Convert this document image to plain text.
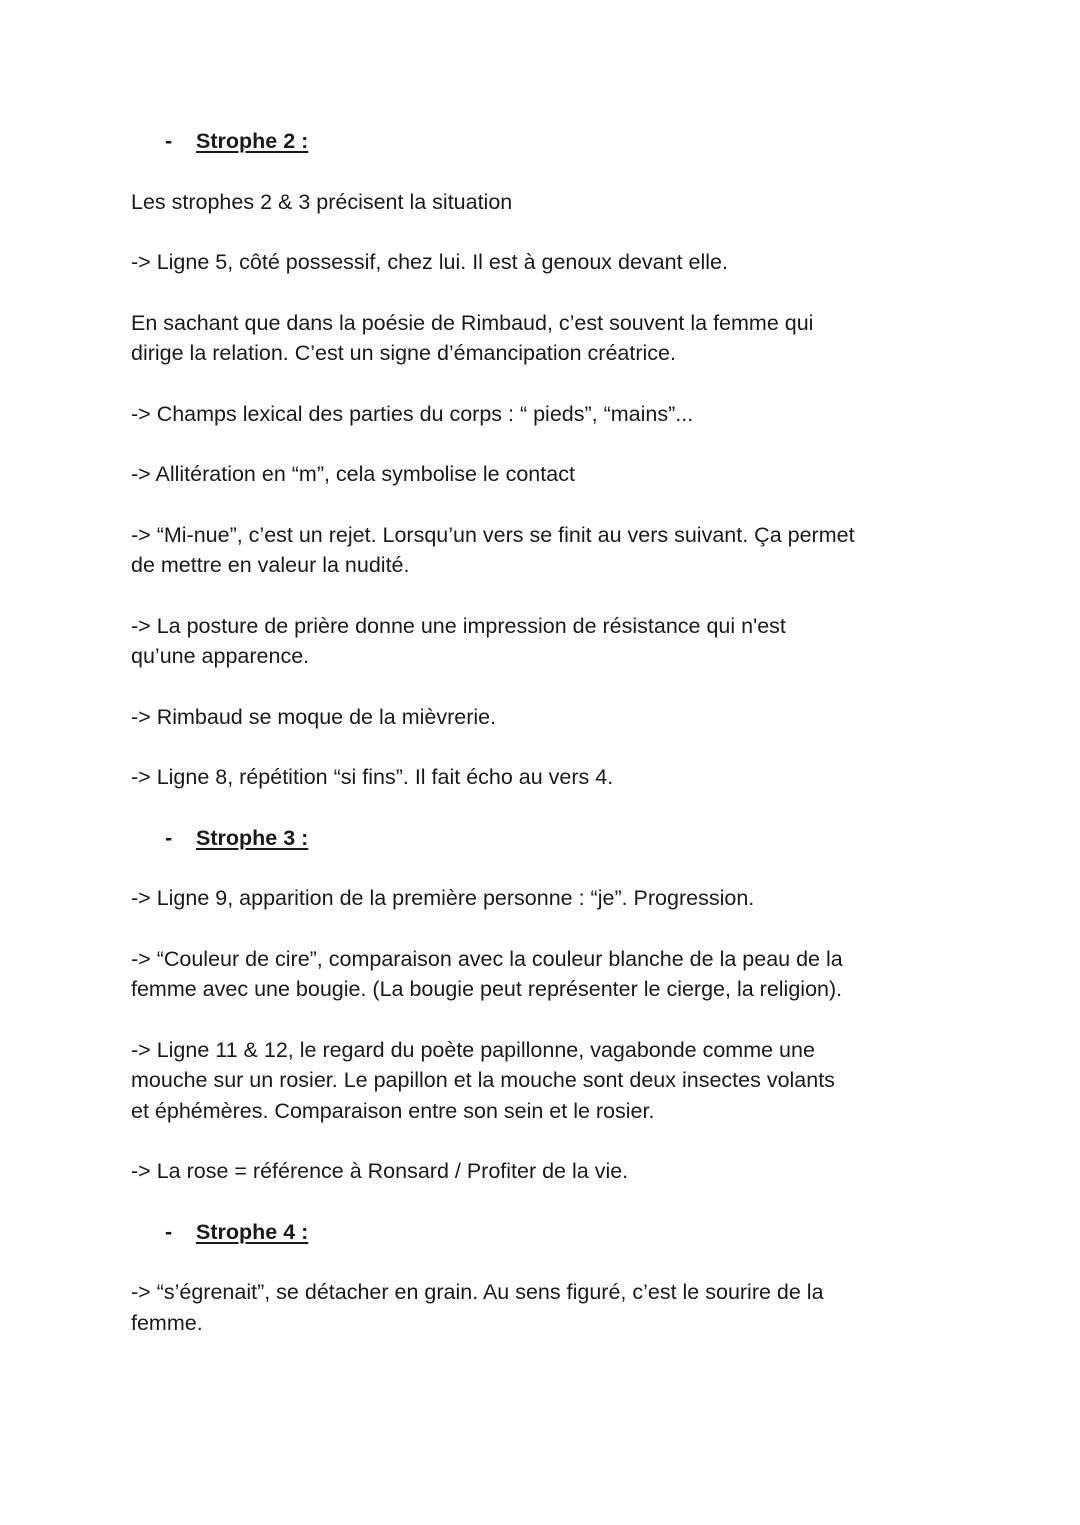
-	Strophe 2 :

Les strophes 2 & 3 précisent la situation

-> Ligne 5, côté possessif, chez lui. Il est à genoux devant elle.

En sachant que dans la poésie de Rimbaud, c’est souvent la femme qui
dirige la relation. C’est un signe d’émancipation créatrice.

-> Champs lexical des parties du corps : “ pieds”, “mains”...

-> Allitération en “m”, cela symbolise le contact

-> “Mi-nue”, c’est un rejet. Lorsqu’un vers se finit au vers suivant. Ça permet
de mettre en valeur la nudité.

-> La posture de prière donne une impression de résistance qui n'est
qu’une apparence.

-> Rimbaud se moque de la mièvrerie.

-> Ligne 8, répétition “si fins”. Il fait écho au vers 4.

-	Strophe 3 :

-> Ligne 9, apparition de la première personne : “je”. Progression.

-> “Couleur de cire”, comparaison avec la couleur blanche de la peau de la
femme avec une bougie. (La bougie peut représenter le cierge, la religion).

-> Ligne 11 & 12, le regard du poète papillonne, vagabonde comme une
mouche sur un rosier. Le papillon et la mouche sont deux insectes volants
et éphémères. Comparaison entre son sein et le rosier.

-> La rose = référence à Ronsard / Profiter de la vie.

-	Strophe 4 :

-> “s’égrenait”, se détacher en grain. Au sens figuré, c’est le sourire de la
femme.
